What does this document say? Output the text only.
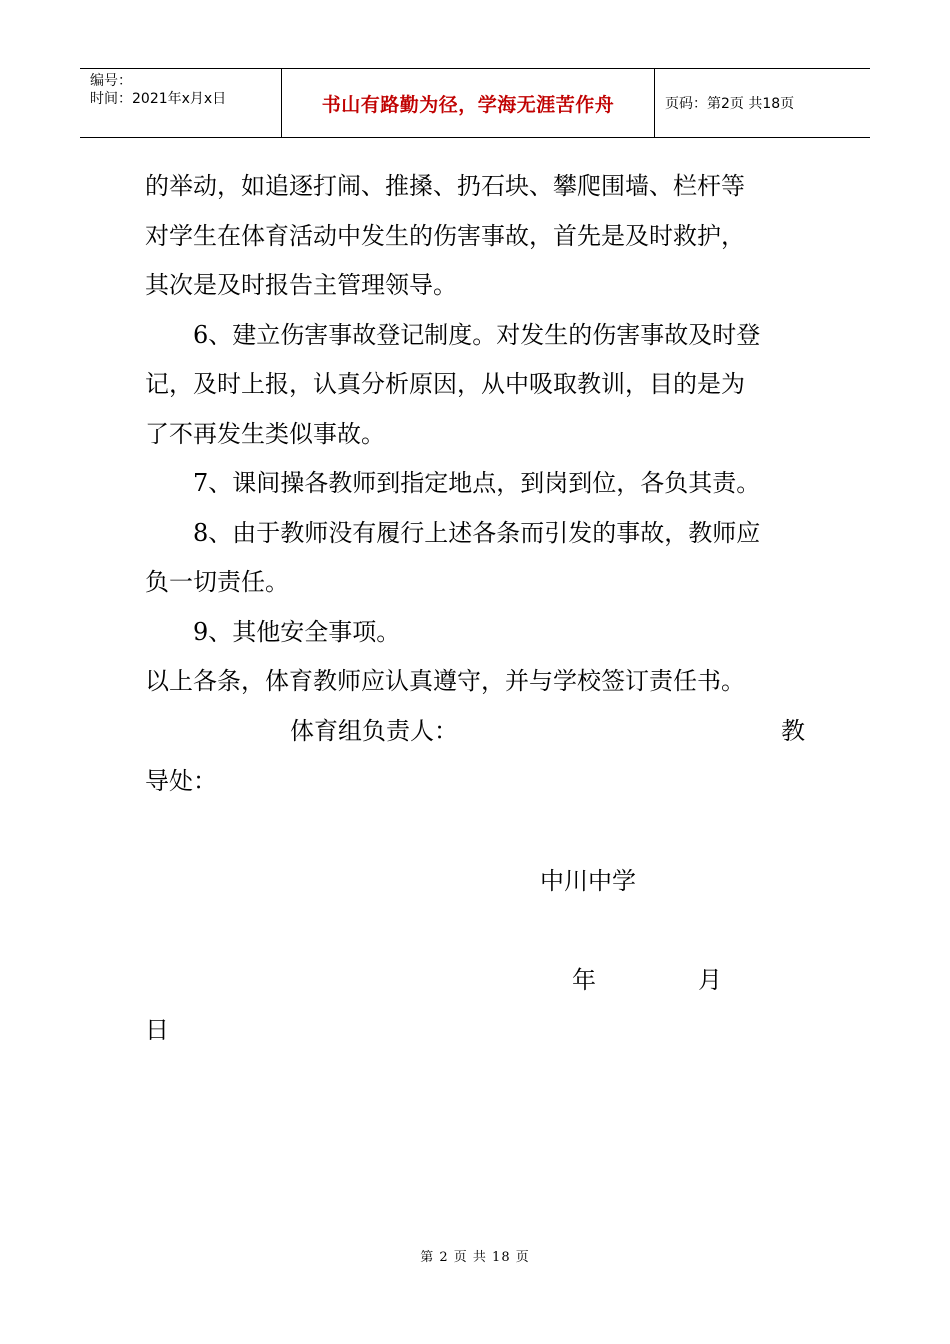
编号：
时间：2021年x月x日	书山有路勤为径，学海无涯苦作舟	页码：第2页 共18页
的举动，如追逐打闹、推搡、扔石块、攀爬围墙、栏杆等
对学生在体育活动中发生的伤害事故，首先是及时救护，
其次是及时报告主管理领导。
6、建立伤害事故登记制度。对发生的伤害事故及时登
记，及时上报，认真分析原因，从中吸取教训，目的是为
了不再发生类似事故。
7、课间操各教师到指定地点，到岗到位，各负其责。
8、由于教师没有履行上述各条而引发的事故，教师应
负一切责任。
9、其他安全事项。
以上各条，体育教师应认真遵守，并与学校签订责任书。
体育组负责人：	教
导处：
中川中学
年	月
日
第 2 页 共 18 页
